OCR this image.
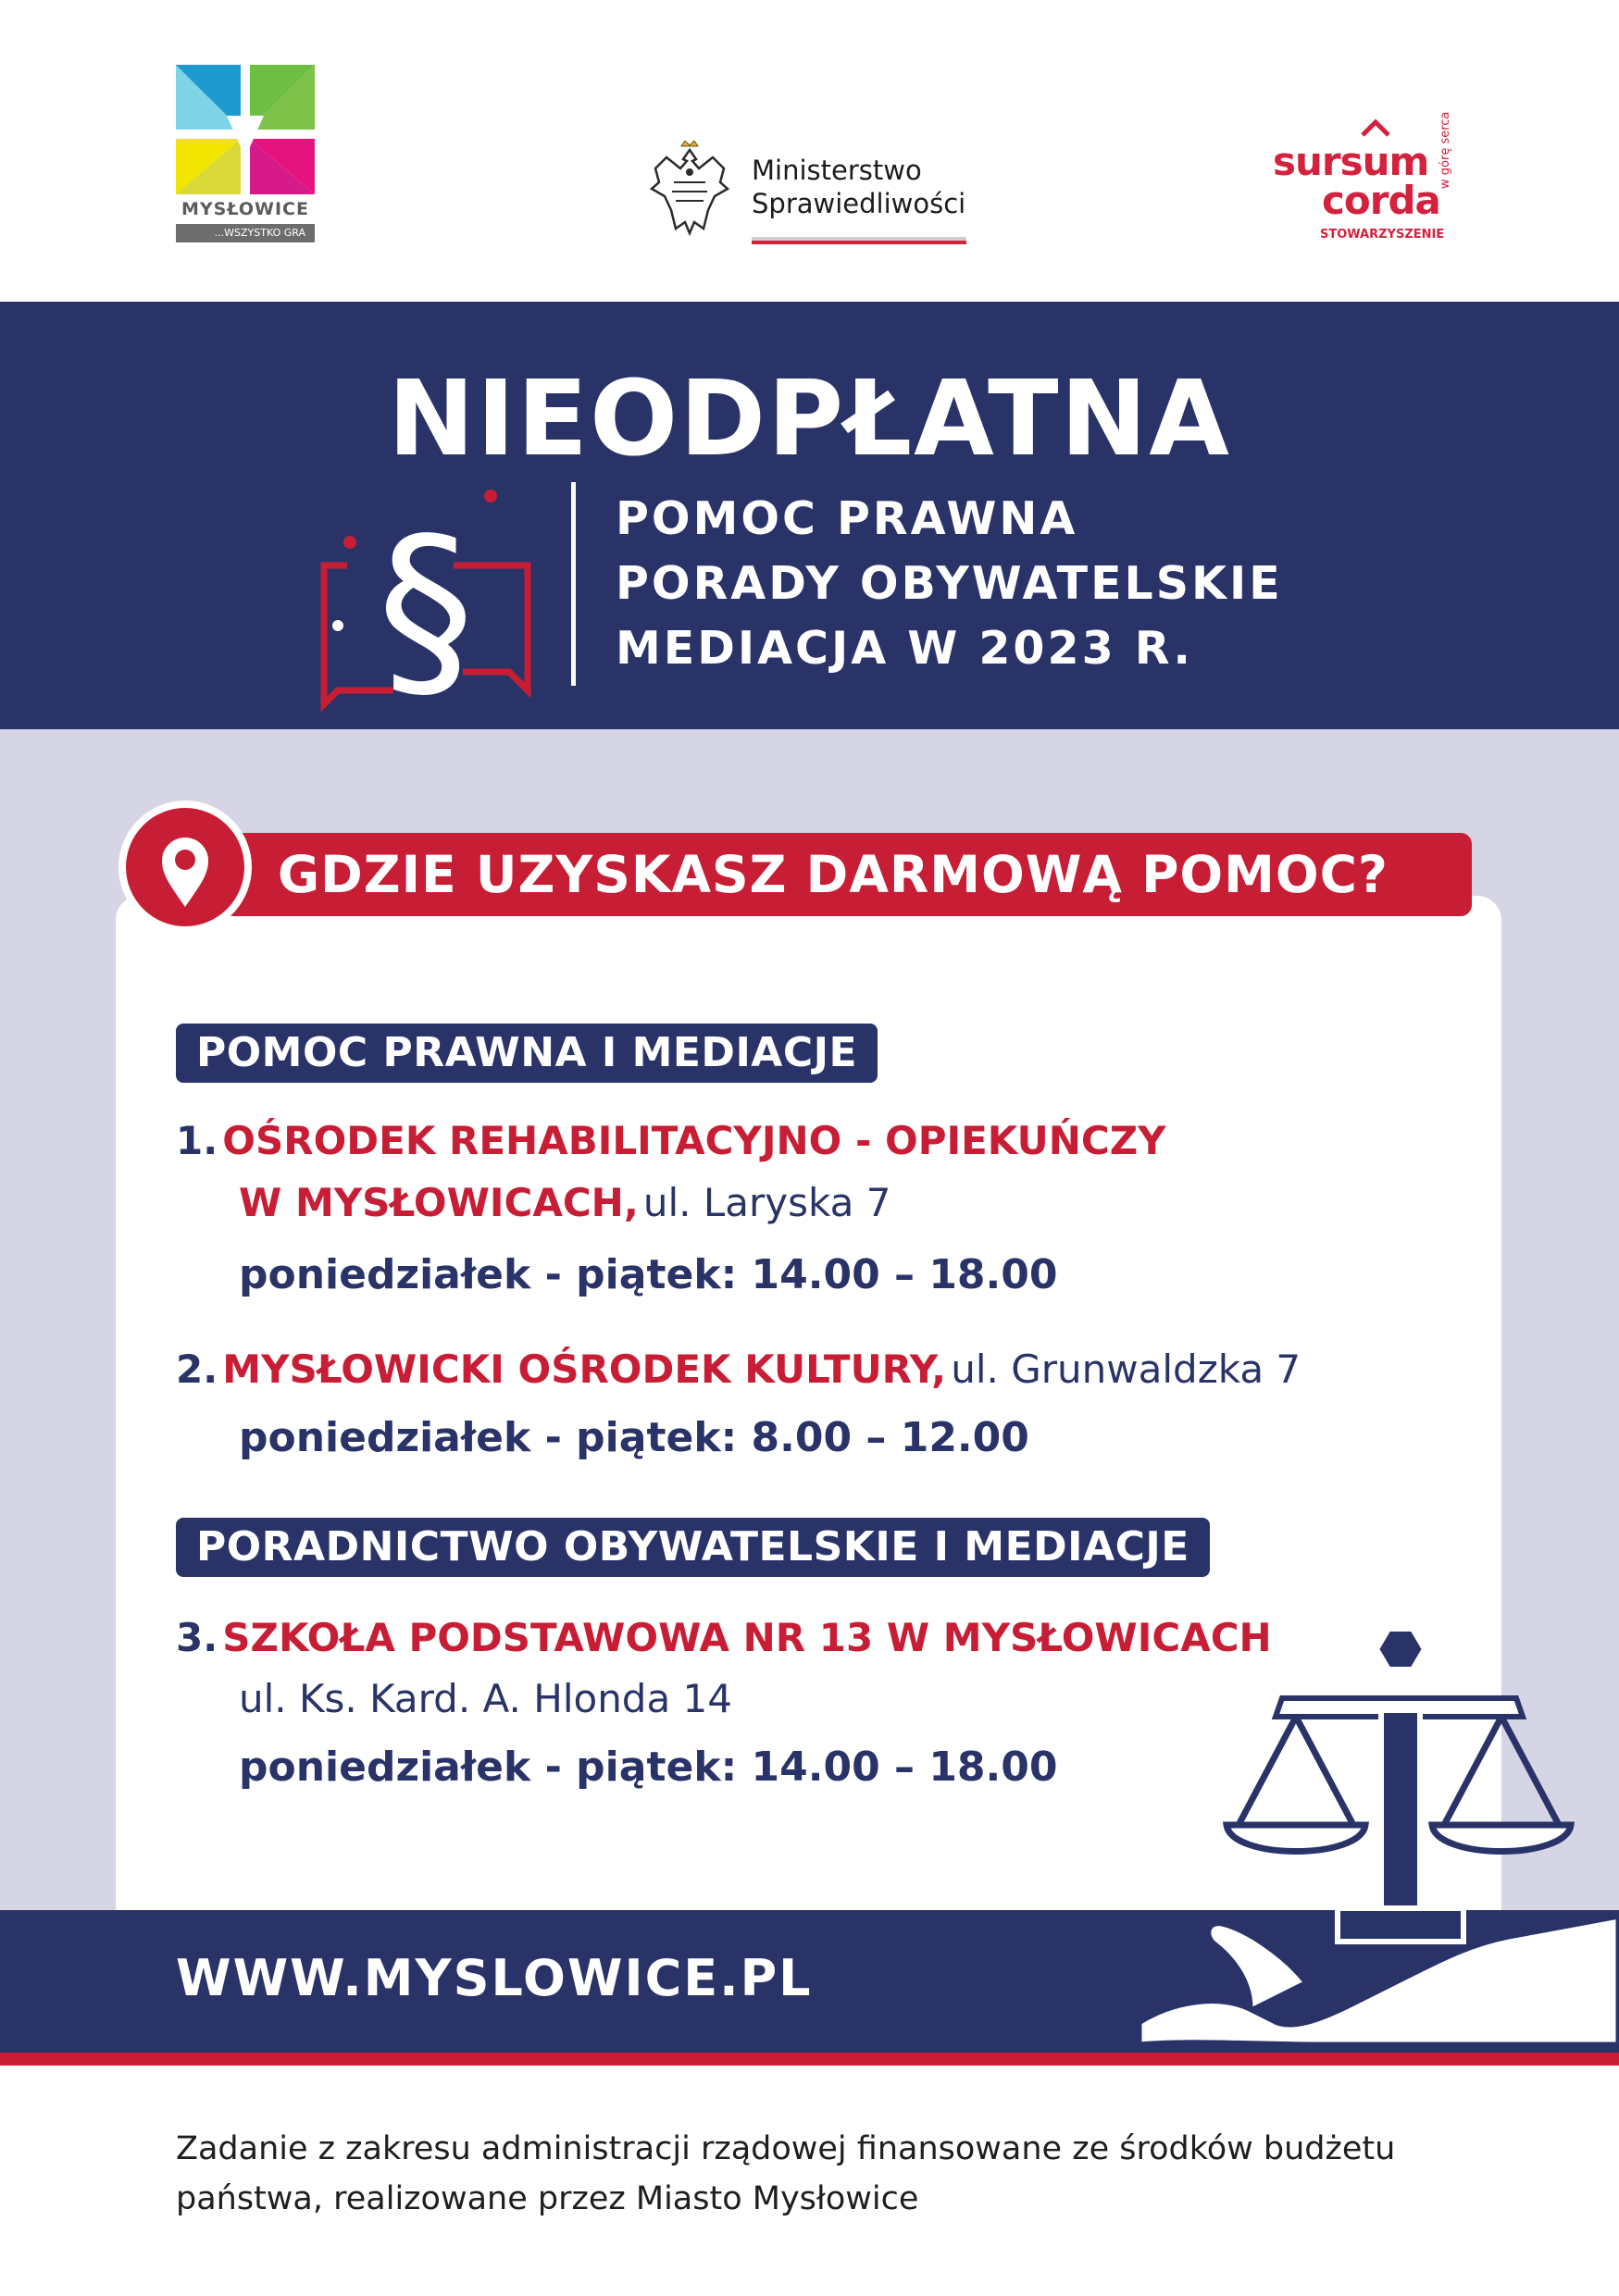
MYSŁOWICE
...WSZYSTKO GRA
Ministerstwo
Sprawiedliwości
sursum
corda
STOWARZYSZENIE
w górę serca
NIEODPŁATNA
§	POMOC PRAWNA
PORADY OBYWATELSKIE
MEDIACJA W 2023 R.
GDZIE UZYSKASZ DARMOWĄ POMOC?
POMOC PRAWNA I MEDIACJE
1. OŚRODEK REHABILITACYJNO - OPIEKUŃCZY
W MYSŁOWICACH, ul. Laryska 7
poniedziałek - piątek: 14.00 – 18.00
2. MYSŁOWICKI OŚRODEK KULTURY, ul. Grunwaldzka 7
poniedziałek - piątek: 8.00 – 12.00
PORADNICTWO OBYWATELSKIE I MEDIACJE
3. SZKOŁA PODSTAWOWA NR 13 W MYSŁOWICACH
ul. Ks. Kard. A. Hlonda 14
poniedziałek - piątek: 14.00 – 18.00
WWW.MYSLOWICE.PL
Zadanie z zakresu administracji rządowej finansowane ze środków budżetu państwa, realizowane przez Miasto Mysłowice
